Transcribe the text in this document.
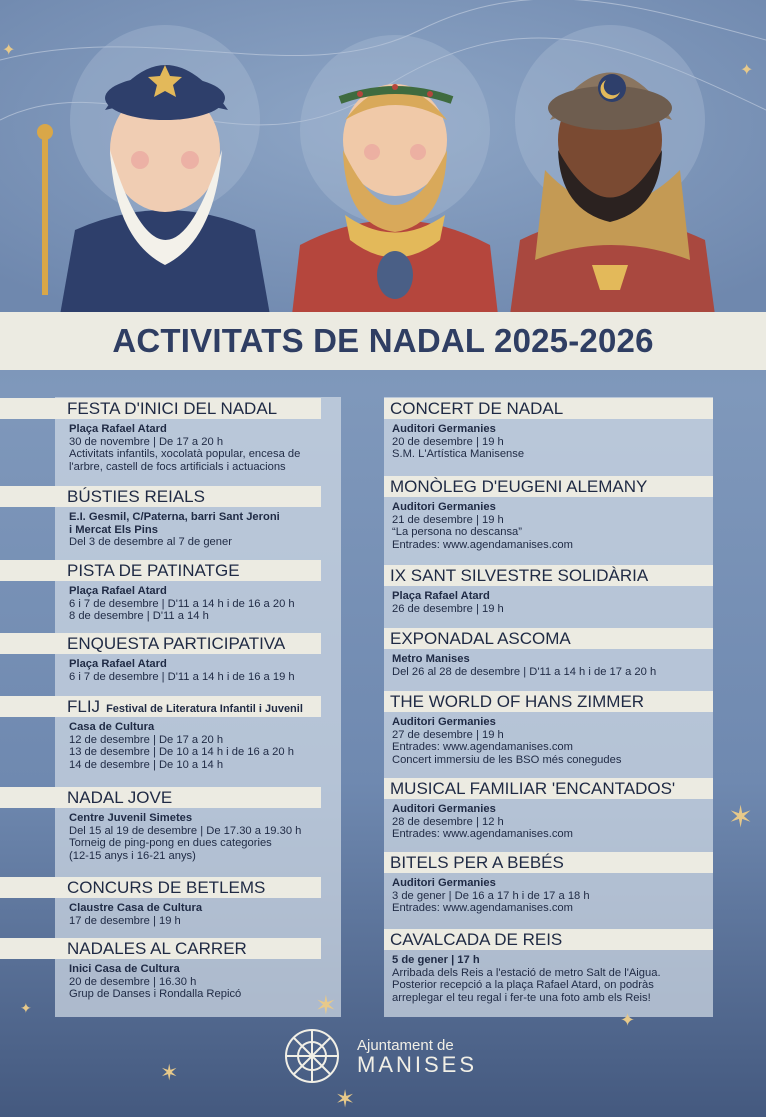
ACTIVITATS DE NADAL 2025-2026
FESTA D'INICI DEL NADAL
Plaça Rafael Atard
30 de novembre | De 17 a 20 h
Activitats infantils, xocolatà popular, encesa de
l'arbre, castell de focs artificials i actuacions
BÚSTIES REIALS
E.I. Gesmil, C/Paterna, barri Sant Jeroni
i Mercat Els Pins
Del 3 de desembre al 7 de gener
PISTA DE PATINATGE
Plaça Rafael Atard
6 i 7 de desembre | D'11 a 14 h i de 16 a 20 h
8 de desembre | D'11 a 14 h
ENQUESTA PARTICIPATIVA
Plaça Rafael Atard
6 i 7 de desembre | D'11 a 14 h i de 16 a 19 h
FLIJ Festival de Literatura Infantil i Juvenil
Casa de Cultura
12 de desembre | De 17 a 20 h
13 de desembre | De 10 a 14 h i de 16 a 20 h
14 de desembre | De 10 a 14 h
NADAL JOVE
Centre Juvenil Simetes
Del 15 al 19 de desembre | De 17.30 a 19.30 h
Torneig de ping-pong en dues categories
(12-15 anys i 16-21 anys)
CONCURS DE BETLEMS
Claustre Casa de Cultura
17 de desembre | 19 h
NADALES AL CARRER
Inici Casa de Cultura
20 de desembre | 16.30 h
Grup de Danses i Rondalla Repicó
CONCERT DE NADAL
Auditori Germanies
20 de desembre | 19 h
S.M. L'Artística Manisense
MONÒLEG D'EUGENI ALEMANY
Auditori Germanies
21 de desembre | 19 h
“La persona no descansa”
Entrades: www.agendamanises.com
IX SANT SILVESTRE SOLIDÀRIA
Plaça Rafael Atard
26 de desembre | 19 h
EXPONADAL ASCOMA
Metro Manises
Del 26 al 28 de desembre | D'11 a 14 h i de 17 a 20 h
THE WORLD OF HANS ZIMMER
Auditori Germanies
27 de desembre | 19 h
Entrades: www.agendamanises.com
Concert immersiu de les BSO més conegudes
MUSICAL FAMILIAR 'ENCANTADOS'
Auditori Germanies
28 de desembre | 12 h
Entrades: www.agendamanises.com
BITELS PER A BEBÉS
Auditori Germanies
3 de gener | De 16 a 17 h i de 17 a 18 h
Entrades: www.agendamanises.com
CAVALCADA DE REIS
5 de gener | 17 h
Arribada dels Reis a l'estació de metro Salt de l'Aigua.
Posterior recepció a la plaça Rafael Atard, on podràs
arreplegar el teu regal i fer-te una foto amb els Reis!
✶
✶
✶
✦
✶
✦
✦
✦
Ajuntament de
MANISES
